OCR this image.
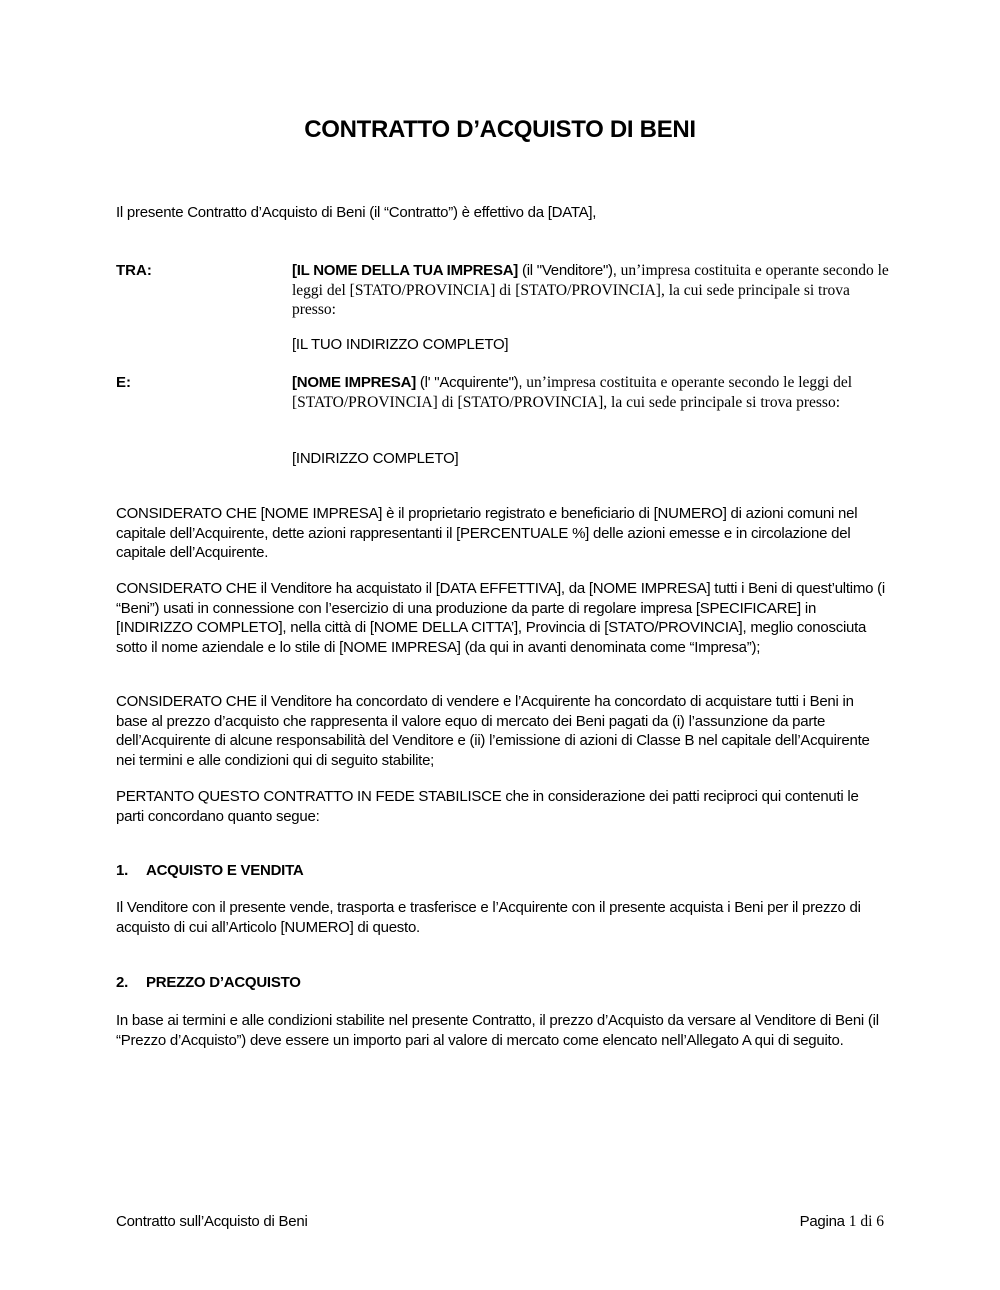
CONTRATTO D’ACQUISTO DI BENI
Il presente Contratto d’Acquisto di Beni (il “Contratto”) è effettivo da [DATA],
TRA:	[IL NOME DELLA TUA IMPRESA] (il "Venditore"), un’impresa costituita e operante secondo le leggi del [STATO/PROVINCIA] di [STATO/PROVINCIA], la cui sede principale si trova presso:
[IL TUO INDIRIZZO COMPLETO]
E:	[NOME IMPRESA] (l' "Acquirente"), un’impresa costituita e operante secondo le leggi del [STATO/PROVINCIA] di [STATO/PROVINCIA], la cui sede principale si trova presso:
[INDIRIZZO COMPLETO]
CONSIDERATO CHE [NOME IMPRESA] è il proprietario registrato e beneficiario di [NUMERO] di azioni comuni nel capitale dell’Acquirente, dette azioni rappresentanti il [PERCENTUALE %] delle azioni emesse e in circolazione del capitale dell’Acquirente.
CONSIDERATO CHE il Venditore ha acquistato il [DATA EFFETTIVA], da [NOME IMPRESA] tutti i Beni di quest’ultimo (i “Beni”) usati in connessione con l’esercizio di una produzione da parte di regolare impresa [SPECIFICARE] in [INDIRIZZO COMPLETO], nella città di [NOME DELLA CITTA’], Provincia di [STATO/PROVINCIA], meglio conosciuta sotto il nome aziendale e lo stile di [NOME IMPRESA] (da qui in avanti denominata come “Impresa”);
CONSIDERATO CHE il Venditore ha concordato di vendere e l’Acquirente ha concordato di acquistare tutti i Beni in base al prezzo d’acquisto che rappresenta il valore equo di mercato dei Beni pagati da (i) l’assunzione da parte dell’Acquirente di alcune responsabilità del Venditore e (ii) l’emissione di azioni di Classe B nel capitale dell’Acquirente nei termini e alle condizioni qui di seguito stabilite;
PERTANTO QUESTO CONTRATTO IN FEDE STABILISCE che in considerazione dei patti reciproci qui contenuti le parti concordano quanto segue:
1. ACQUISTO E VENDITA
Il Venditore con il presente vende, trasporta e trasferisce e l’Acquirente con il presente acquista i Beni per il prezzo di acquisto di cui all’Articolo [NUMERO] di questo.
2. PREZZO D’ACQUISTO
In base ai termini e alle condizioni stabilite nel presente Contratto, il prezzo d’Acquisto da versare al Venditore di Beni (il “Prezzo d’Acquisto”) deve essere un importo pari al valore di mercato come elencato nell’Allegato A qui di seguito.
Contratto sull’Acquisto di Beni	Pagina 1 di 6
